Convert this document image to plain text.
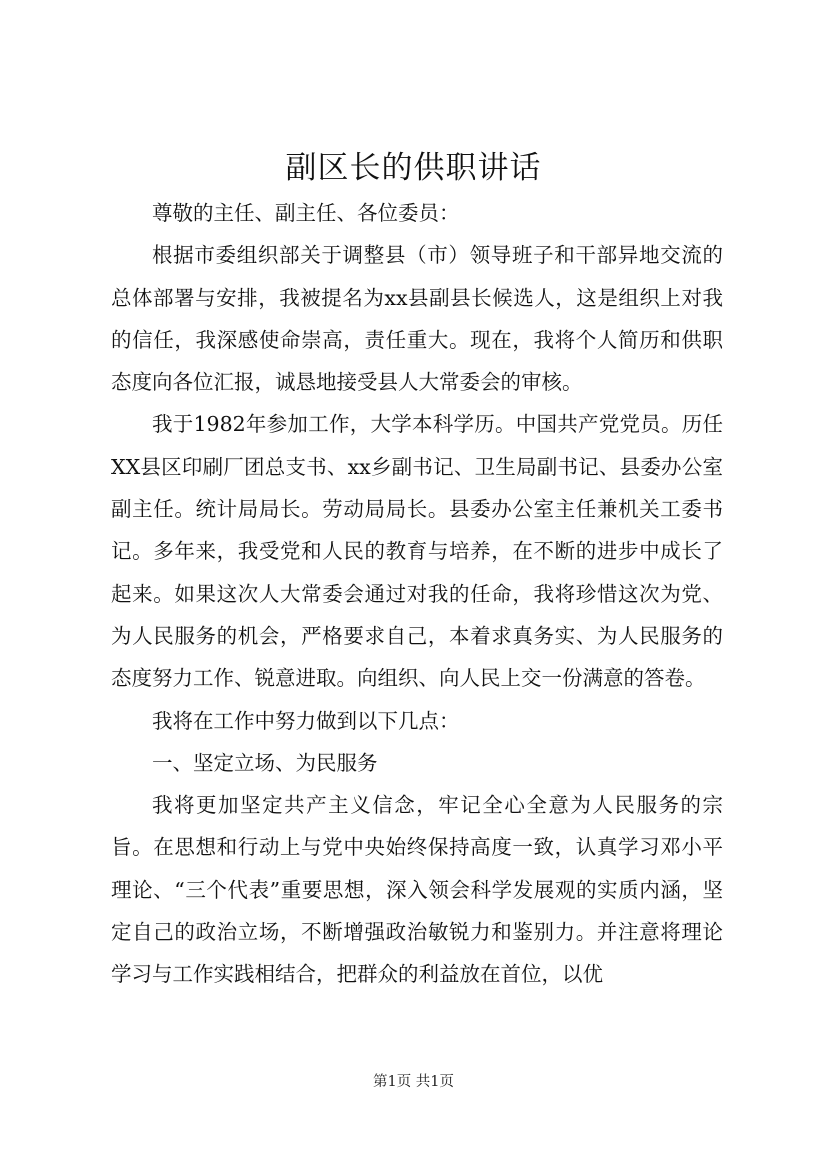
副区长的供职讲话

尊敬的主任、副主任、各位委员：

根据市委组织部关于调整县（市）领导班子和干部异地交流的总体部署与安排，我被提名为xx县副县长候选人，这是组织上对我的信任，我深感使命崇高，责任重大。现在，我将个人简历和供职态度向各位汇报，诚恳地接受县人大常委会的审核。

我于1982年参加工作，大学本科学历。中国共产党党员。历任XX县区印刷厂团总支书、xx乡副书记、卫生局副书记、县委办公室副主任。统计局局长。劳动局局长。县委办公室主任兼机关工委书记。多年来，我受党和人民的教育与培养，在不断的进步中成长了起来。如果这次人大常委会通过对我的任命，我将珍惜这次为党、为人民服务的机会，严格要求自己，本着求真务实、为人民服务的态度努力工作、锐意进取。向组织、向人民上交一份满意的答卷。

我将在工作中努力做到以下几点：

一、坚定立场、为民服务

我将更加坚定共产主义信念，牢记全心全意为人民服务的宗旨。在思想和行动上与党中央始终保持高度一致，认真学习邓小平理论、“三个代表”重要思想，深入领会科学发展观的实质内涵，坚定自己的政治立场，不断增强政治敏锐力和鉴别力。并注意将理论学习与工作实践相结合，把群众的利益放在首位，以优

第1页 共1页
